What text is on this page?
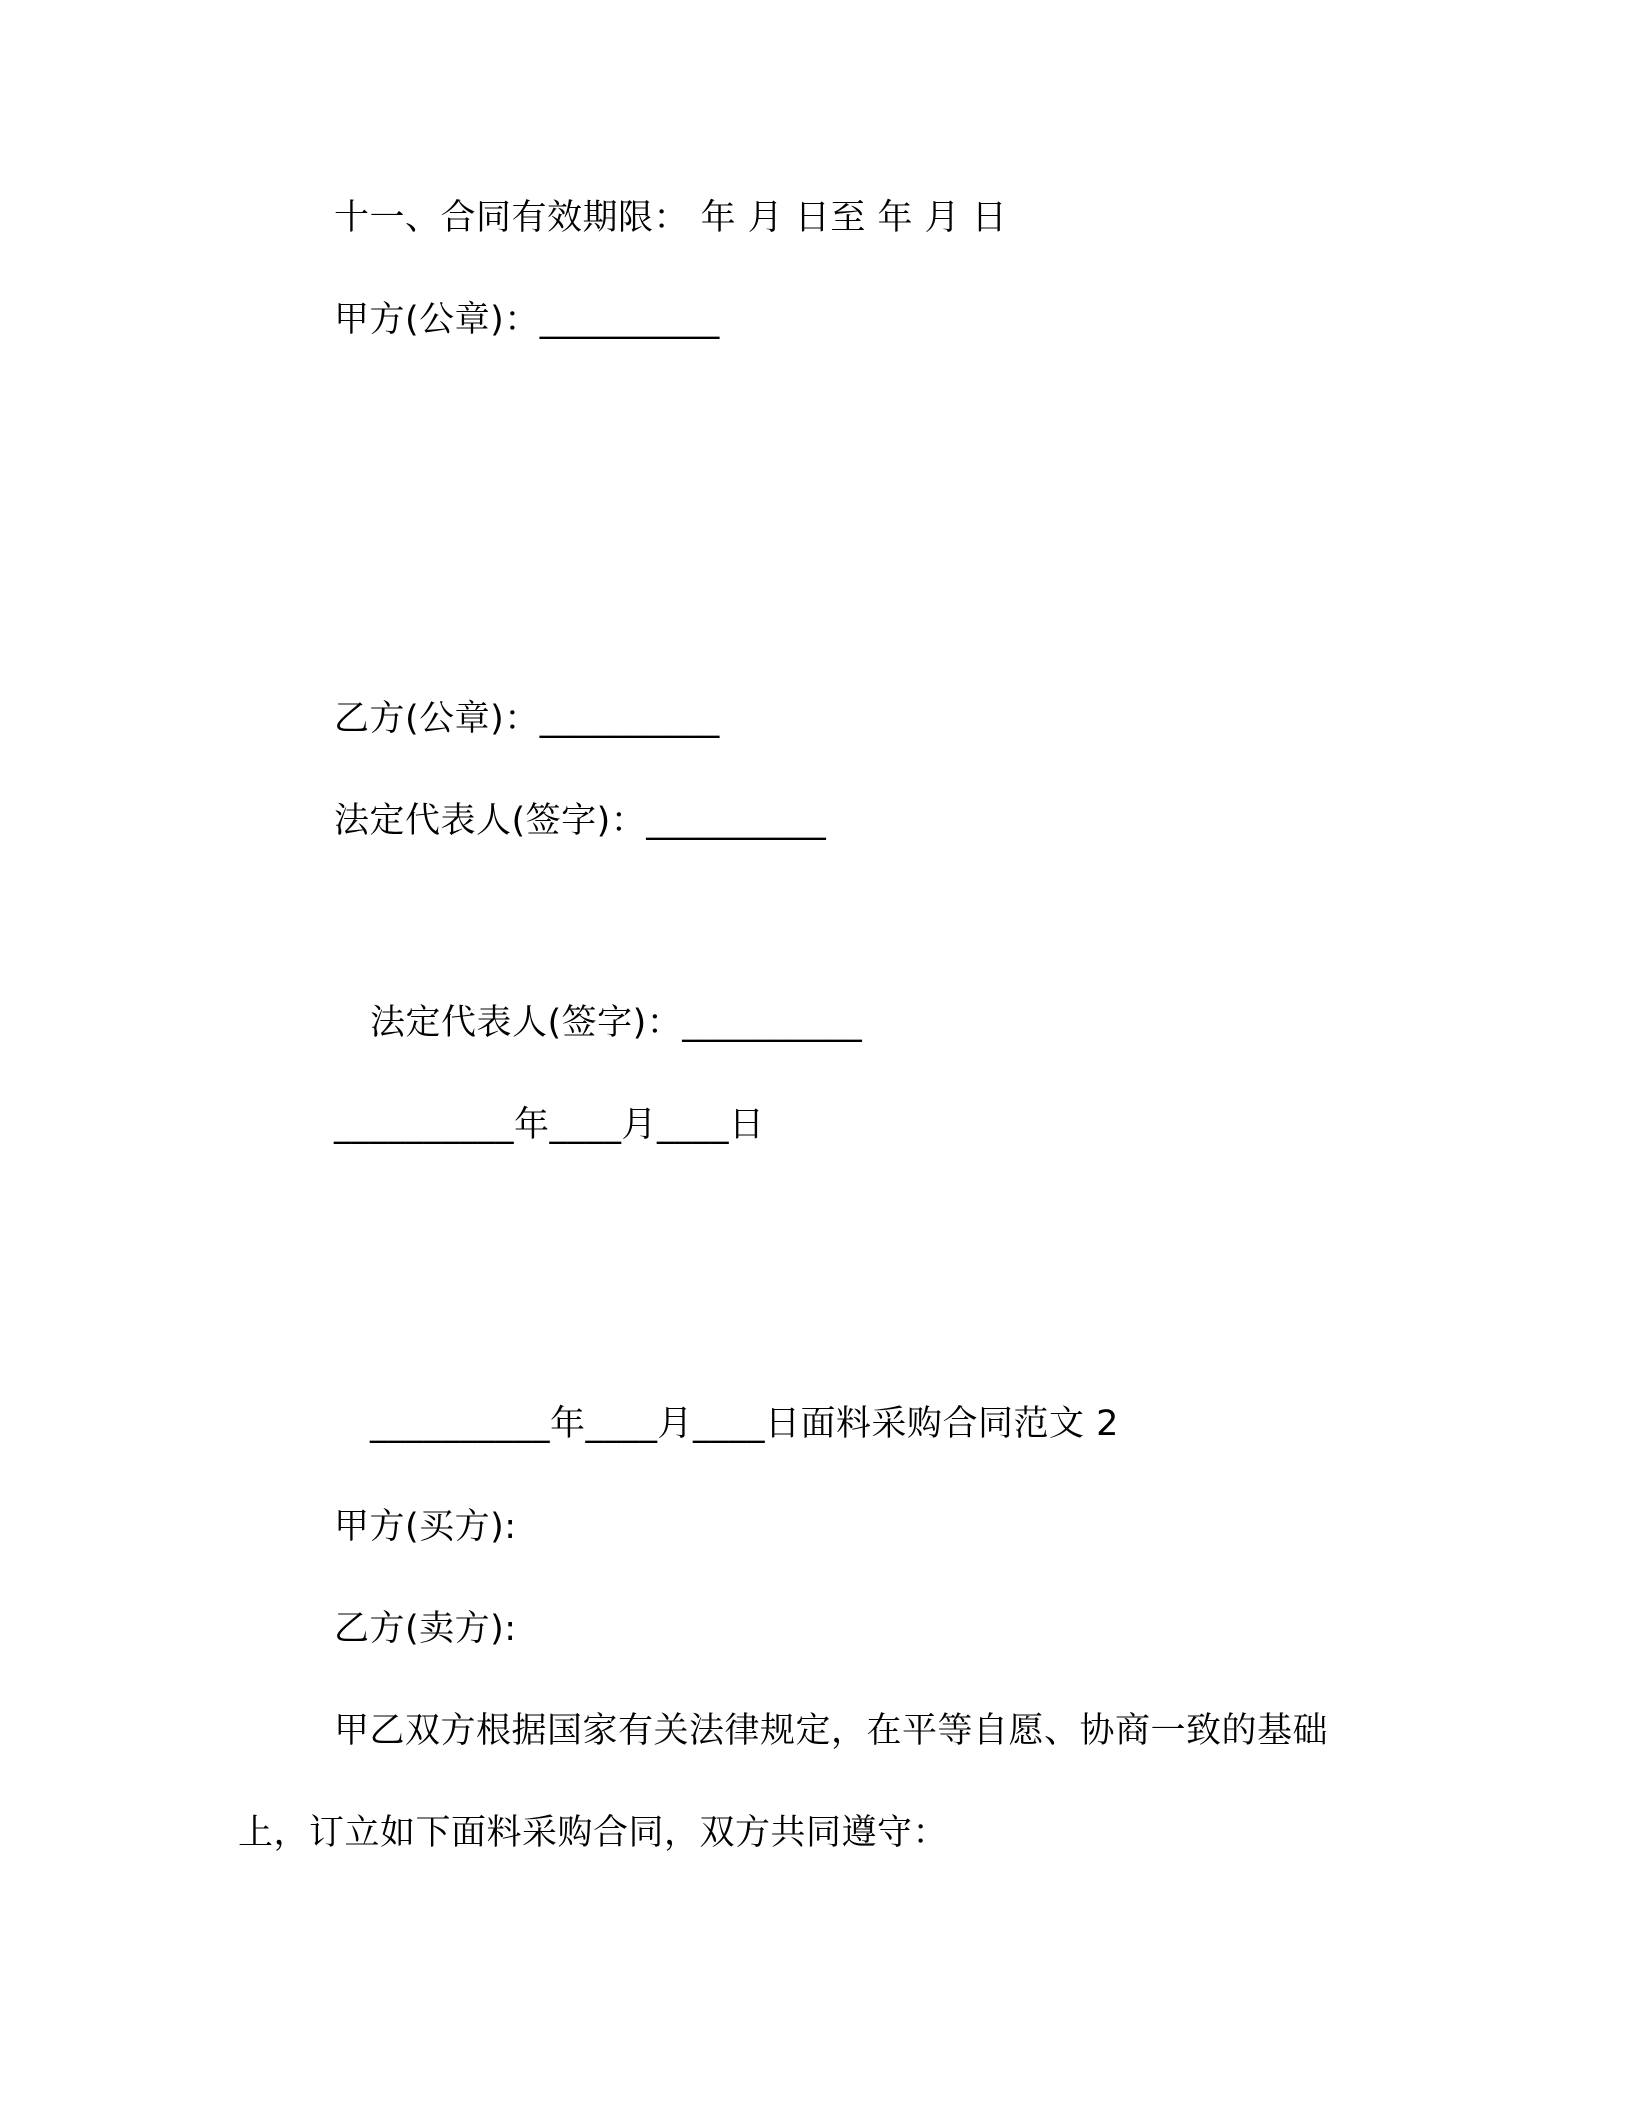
十一、合同有效期限： 年 月 日至 年 月 日
甲方(公章)：__________
乙方(公章)：__________
法定代表人(签字)：__________
法定代表人(签字)：__________
__________年____月____日
__________年____月____日面料采购合同范文 2
甲方(买方):
乙方(卖方):
甲乙双方根据国家有关法律规定，在平等自愿、协商一致的基础
上，订立如下面料采购合同，双方共同遵守：
